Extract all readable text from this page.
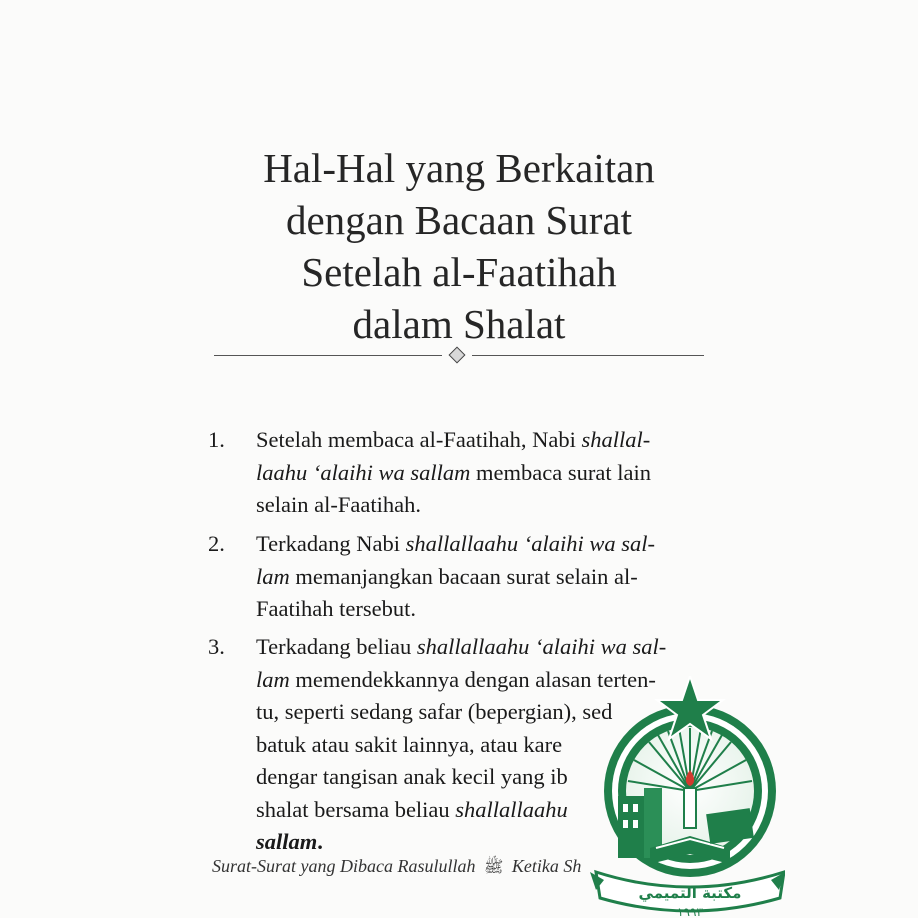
Hal-Hal yang Berkaitan
dengan Bacaan Surat
Setelah al-Faatihah
dalam Shalat
1. Setelah membaca al-Faatihah, Nabi shallal-
laahu ‘alaihi wa sallam membaca surat lain
selain al-Faatihah.
2. Terkadang Nabi shallallaahu ‘alaihi wa sal-
lam memanjangkan bacaan surat selain al-
Faatihah tersebut.
3. Terkadang beliau shallallaahu ‘alaihi wa sal-
lam memendekkannya dengan alasan terten-
tu, seperti sedang safar (bepergian), sed
batuk atau sakit lainnya, atau kare
dengar tangisan anak kecil yang ib
shalat bersama beliau shallallaahu
sallam.
Surat-Surat yang Dibaca Rasulullah ﷺ Ketika Sh
مكتبة التميمي
١٩٩٣
